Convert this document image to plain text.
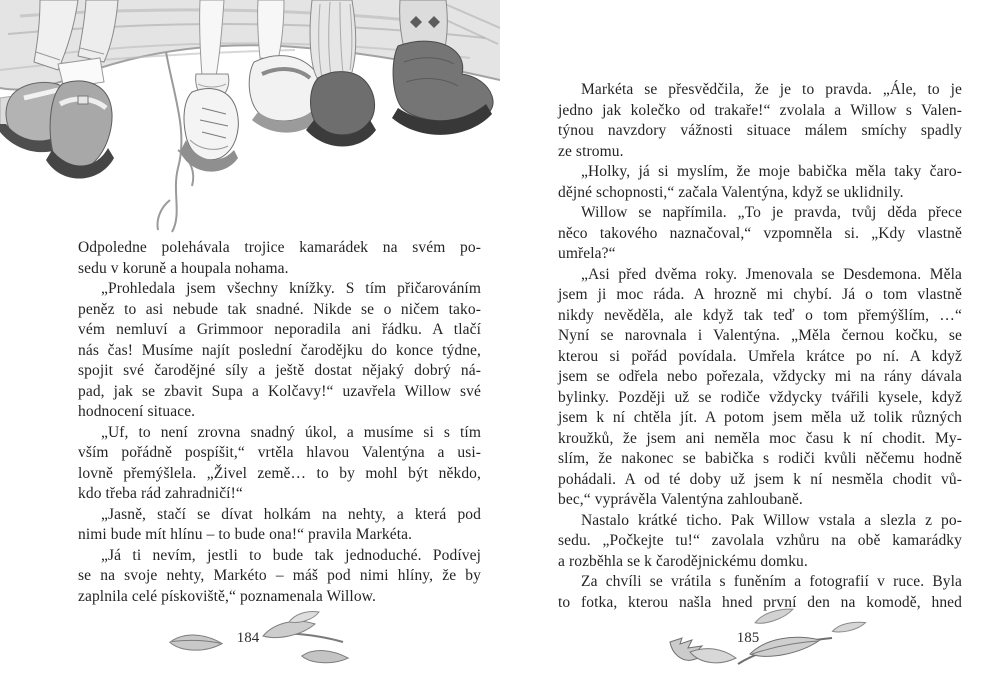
Odpoledne polehávala trojice kamarádek na svém po-
sedu v koruně a houpala nohama.
„Prohledala jsem všechny knížky. S tím přičarováním
peněz to asi nebude tak snadné. Nikde se o ničem tako-
vém nemluví a Grimmoor neporadila ani řádku. A tlačí
nás čas! Musíme najít poslední čarodějku do konce týdne,
spojit své čarodějné síly a ještě dostat nějaký dobrý ná-
pad, jak se zbavit Supa a Kolčavy!“ uzavřela Willow své
hodnocení situace.
„Uf, to není zrovna snadný úkol, a musíme si s tím
vším pořádně pospíšit,“ vrtěla hlavou Valentýna a usi-
lovně přemýšlela. „Živel země… to by mohl být někdo,
kdo třeba rád zahradničí!“
„Jasně, stačí se dívat holkám na nehty, a která pod
nimi bude mít hlínu – to bude ona!“ pravila Markéta.
„Já ti nevím, jestli to bude tak jednoduché. Podívej
se na svoje nehty, Markéto – máš pod nimi hlíny, že by
zaplnila celé pískoviště,“ poznamenala Willow.
184
Markéta se přesvědčila, že je to pravda. „Ále, to je
jedno jak kolečko od trakaře!“ zvolala a Willow s Valen-
týnou navzdory vážnosti situace málem smíchy spadly
ze stromu.
„Holky, já si myslím, že moje babička měla taky čaro-
dějné schopnosti,“ začala Valentýna, když se uklidnily.
Willow se napřímila. „To je pravda, tvůj děda přece
něco takového naznačoval,“ vzpomněla si. „Kdy vlastně
umřela?“
„Asi před dvěma roky. Jmenovala se Desdemona. Měla
jsem ji moc ráda. A hrozně mi chybí. Já o tom vlastně
nikdy nevěděla, ale když tak teď o tom přemýšlím, …“
Nyní se narovnala i Valentýna. „Měla černou kočku, se
kterou si pořád povídala. Umřela krátce po ní. A když
jsem se odřela nebo pořezala, vždycky mi na rány dávala
bylinky. Později už se rodiče vždycky tvářili kysele, když
jsem k ní chtěla jít. A potom jsem měla už tolik různých
kroužků, že jsem ani neměla moc času k ní chodit. My-
slím, že nakonec se babička s rodiči kvůli něčemu hodně
pohádali. A od té doby už jsem k ní nesměla chodit vů-
bec,“ vyprávěla Valentýna zahloubaně.
Nastalo krátké ticho. Pak Willow vstala a slezla z po-
sedu. „Počkejte tu!“ zavolala vzhůru na obě kamarádky
a rozběhla se k čarodějnickému domku.
Za chvíli se vrátila s funěním a fotografií v ruce. Byla
to fotka, kterou našla hned první den na komodě, hned
185
